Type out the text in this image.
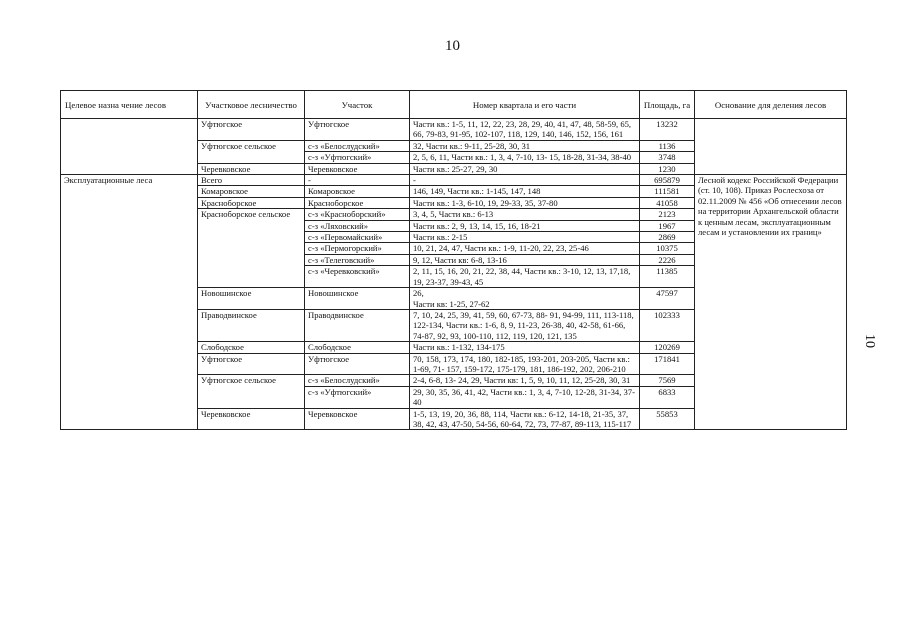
10
10
Целевое назна чение лесов	Участковое лесничество	Участок	Номер квартала и его части	Площадь, га	Основание для деления лесов
	Уфтюгское	Уфтюгское	Части кв.: 1-5, 11, 12, 22, 23, 28, 29, 40, 41, 47, 48, 58-59, 65, 66, 79-83, 91-95, 102-107, 118, 129, 140, 146, 152, 156, 161	13232	
	Уфтюгское сельское	с-з «Белослудский»	32, Части кв.: 9-11, 25-28, 30, 31	1136	
		с-з «Уфтюгский»	2, 5, 6, 11, Части кв.: 1, 3, 4, 7-10, 13- 15, 18-28, 31-34, 38-40	3748	
	Черевковское	Черевковское	Части кв.: 25-27, 29, 30	1230	
Эксплуатационные леса	Всего	-	-	695879	Лесной кодекс Российской Федерации (ст. 10, 108). Приказ Рослесхоза от 02.11.2009 № 456 «Об отнесении лесов на территории Архангельской области к ценным лесам, эксплуатационным лесам и установлении их границ»
	Комаровское	Комаровское	146, 149, Части кв.: 1-145, 147, 148	111581	
	Красноборское	Красноборское	Части кв.: 1-3, 6-10, 19, 29-33, 35, 37-80	41058	
	Красноборское сельское	с-з «Красноборский»	3, 4, 5, Части кв.: 6-13	2123	
		с-з «Ляховский»	Части кв.: 2, 9, 13, 14, 15, 16, 18-21	1967	
		с-з «Первомайский»	Части кв.: 2-15	2869	
		с-з «Пермогорский»	10, 21, 24, 47, Части кв.: 1-9, 11-20, 22, 23, 25-46	10375	
		с-з «Телеговский»	9, 12, Части кв: 6-8, 13-16	2226	
		с-з «Черевковский»	2, 11, 15, 16, 20, 21, 22, 38, 44, Части кв.: 3-10, 12, 13, 17,18, 19, 23-37, 39-43, 45	11385	
	Новошинское	Новошинское	26,
Части кв: 1-25, 27-62	47597	
	Праводвинское	Праводвинское	7, 10, 24, 25, 39, 41, 59, 60, 67-73, 88- 91, 94-99, 111, 113-118, 122-134, Части кв.: 1-6, 8, 9, 11-23, 26-38, 40, 42-58, 61-66, 74-87, 92, 93, 100-110, 112, 119, 120, 121, 135	102333	
	Слободское	Слободское	Части кв.: 1-132, 134-175	120269	
	Уфтюгское	Уфтюгское	70, 158, 173, 174, 180, 182-185, 193-201, 203-205, Части кв.: 1-69, 71- 157, 159-172, 175-179, 181, 186-192, 202, 206-210	171841	
	Уфтюгское сельское	с-з «Белослудский»	2-4, 6-8, 13- 24, 29, Части кв: 1, 5, 9, 10, 11, 12, 25-28, 30, 31	7569	
		с-з «Уфтюгский»	29, 30, 35, 36, 41, 42, Части кв.: 1, 3, 4, 7-10, 12-28, 31-34, 37-40	6833	
	Черевковское	Черевковское	1-5, 13, 19, 20, 36, 88, 114, Части кв.: 6-12, 14-18, 21-35, 37, 38, 42, 43, 47-50, 54-56, 60-64, 72, 73, 77-87, 89-113, 115-117	55853	
